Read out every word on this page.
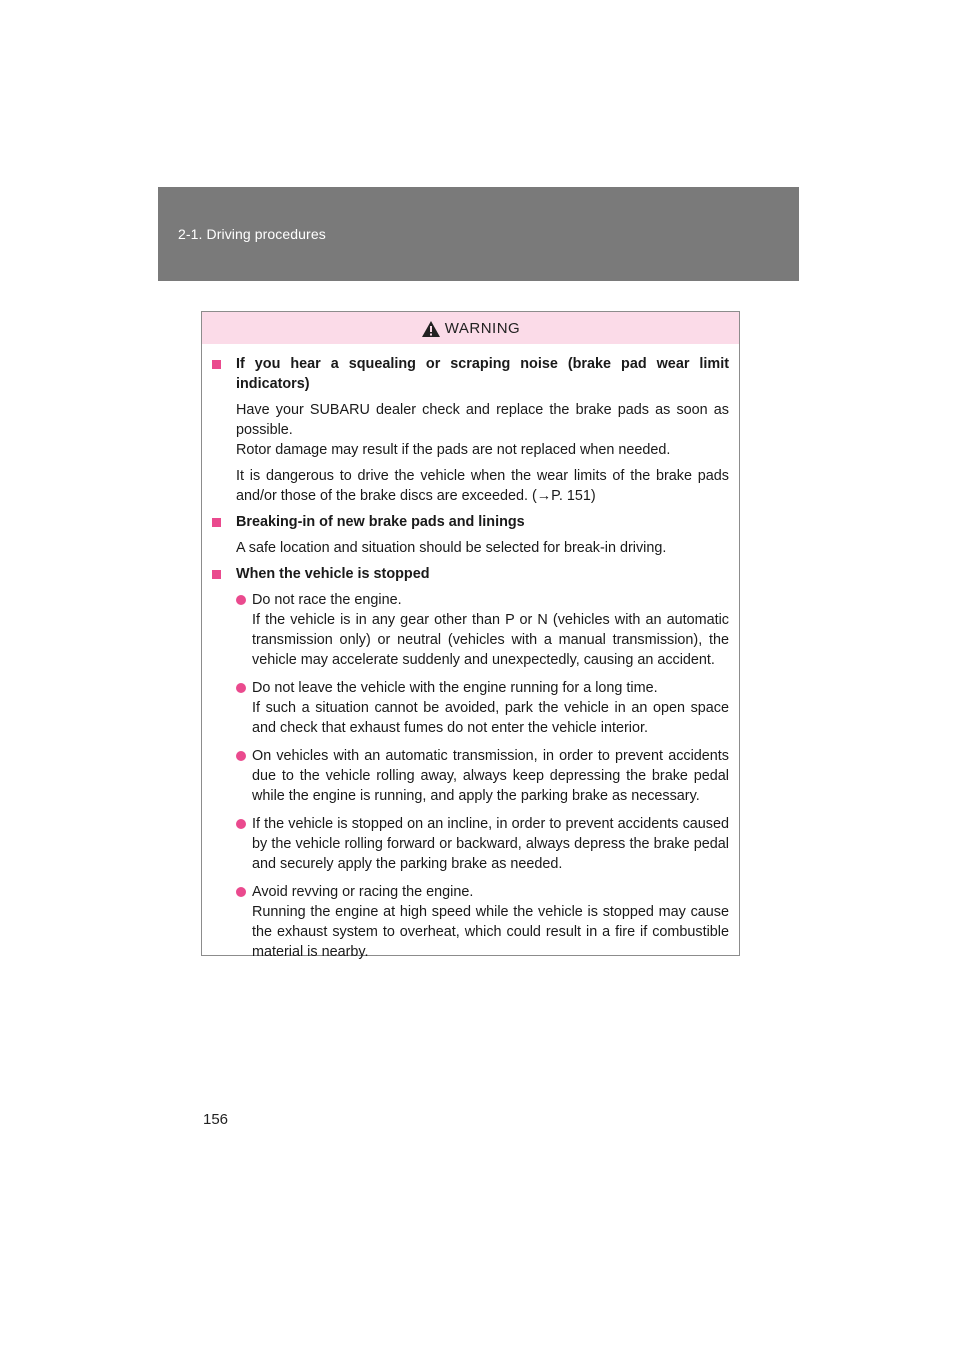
2-1. Driving procedures
WARNING
If you hear a squealing or scraping noise (brake pad wear limit indicators)
Have your SUBARU dealer check and replace the brake pads as soon as possible.
Rotor damage may result if the pads are not replaced when needed.
It is dangerous to drive the vehicle when the wear limits of the brake pads and/or those of the brake discs are exceeded. (→P. 151)
Breaking-in of new brake pads and linings
A safe location and situation should be selected for break-in driving.
When the vehicle is stopped
Do not race the engine.
If the vehicle is in any gear other than P or N (vehicles with an automatic transmission only) or neutral (vehicles with a manual transmission), the vehicle may accelerate suddenly and unexpectedly, causing an accident.
Do not leave the vehicle with the engine running for a long time.
If such a situation cannot be avoided, park the vehicle in an open space and check that exhaust fumes do not enter the vehicle interior.
On vehicles with an automatic transmission, in order to prevent accidents due to the vehicle rolling away, always keep depressing the brake pedal while the engine is running, and apply the parking brake as necessary.
If the vehicle is stopped on an incline, in order to prevent accidents caused by the vehicle rolling forward or backward, always depress the brake pedal and securely apply the parking brake as needed.
Avoid revving or racing the engine.
Running the engine at high speed while the vehicle is stopped may cause the exhaust system to overheat, which could result in a fire if combustible material is nearby.
156
